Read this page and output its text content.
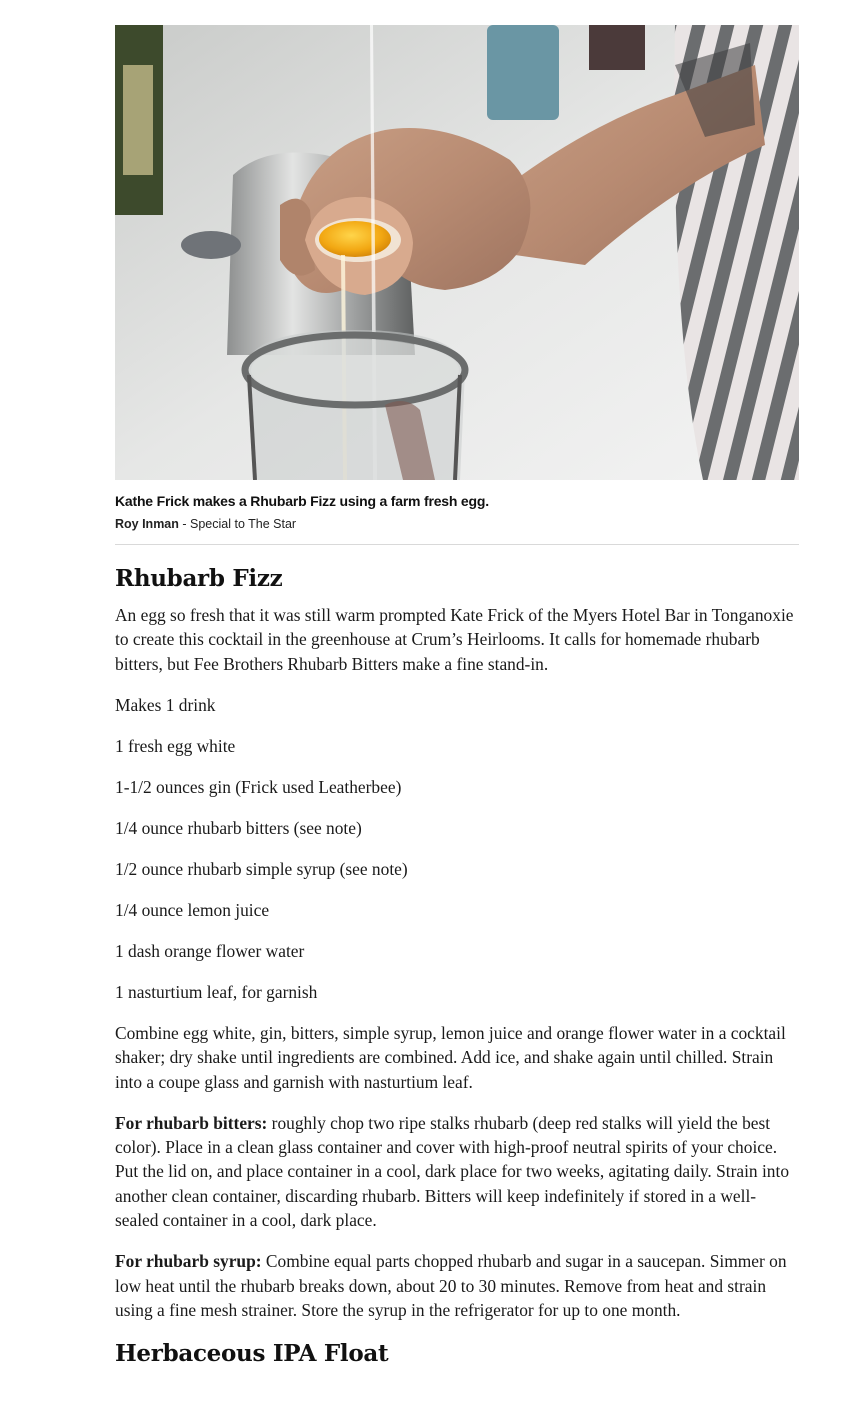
Kathe Frick makes a Rhubarb Fizz using a farm fresh egg.
Roy Inman - Special to The Star
Rhubarb Fizz

An egg so fresh that it was still warm prompted Kate Frick of the Myers Hotel Bar in Tonganoxie to create this cocktail in the greenhouse at Crum’s Heirlooms. It calls for homemade rhubarb bitters, but Fee Brothers Rhubarb Bitters make a fine stand-in.

Makes 1 drink

1 fresh egg white

1-1/2 ounces gin (Frick used Leatherbee)

1/4 ounce rhubarb bitters (see note)

1/2 ounce rhubarb simple syrup (see note)

1/4 ounce lemon juice

1 dash orange flower water

1 nasturtium leaf, for garnish

Combine egg white, gin, bitters, simple syrup, lemon juice and orange flower water in a cocktail shaker; dry shake until ingredients are combined. Add ice, and shake again until chilled. Strain into a coupe glass and garnish with nasturtium leaf.

For rhubarb bitters: roughly chop two ripe stalks rhubarb (deep red stalks will yield the best color). Place in a clean glass container and cover with high-proof neutral spirits of your choice. Put the lid on, and place container in a cool, dark place for two weeks, agitating daily. Strain into another clean container, discarding rhubarb. Bitters will keep indefinitely if stored in a well-sealed container in a cool, dark place.

For rhubarb syrup: Combine equal parts chopped rhubarb and sugar in a saucepan. Simmer on low heat until the rhubarb breaks down, about 20 to 30 minutes. Remove from heat and strain using a fine mesh strainer. Store the syrup in the refrigerator for up to one month.

Herbaceous IPA Float
